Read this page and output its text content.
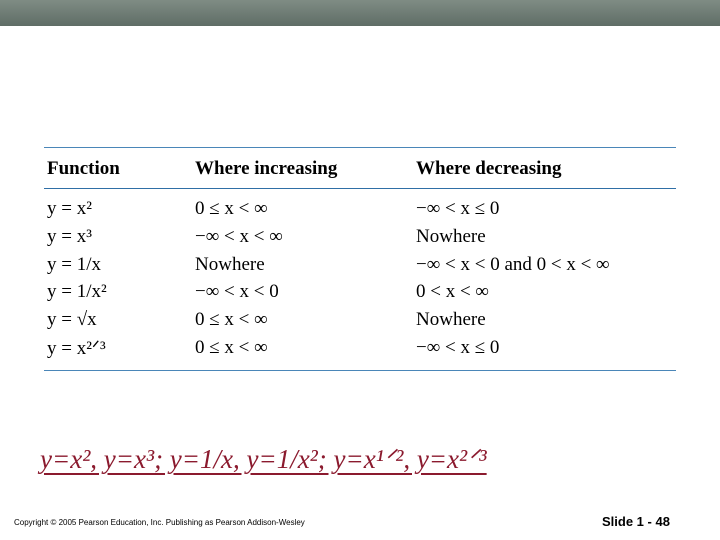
Function	Where increasing	Where decreasing
y = x²	0 ≤ x < ∞	−∞ < x ≤ 0
y = x³	−∞ < x < ∞	Nowhere
y = 1/x	Nowhere	−∞ < x < 0 and 0 < x < ∞
y = 1/x²	−∞ < x < 0	0 < x < ∞
y = √x	0 ≤ x < ∞	Nowhere
y = x²ᐟ³	0 ≤ x < ∞	−∞ < x ≤ 0
y=x², y=x³; y=1/x, y=1/x²; y=x¹ᐟ², y=x²ᐟ³
Copyright © 2005 Pearson Education, Inc. Publishing as Pearson Addison-Wesley	Slide 1 - 48
